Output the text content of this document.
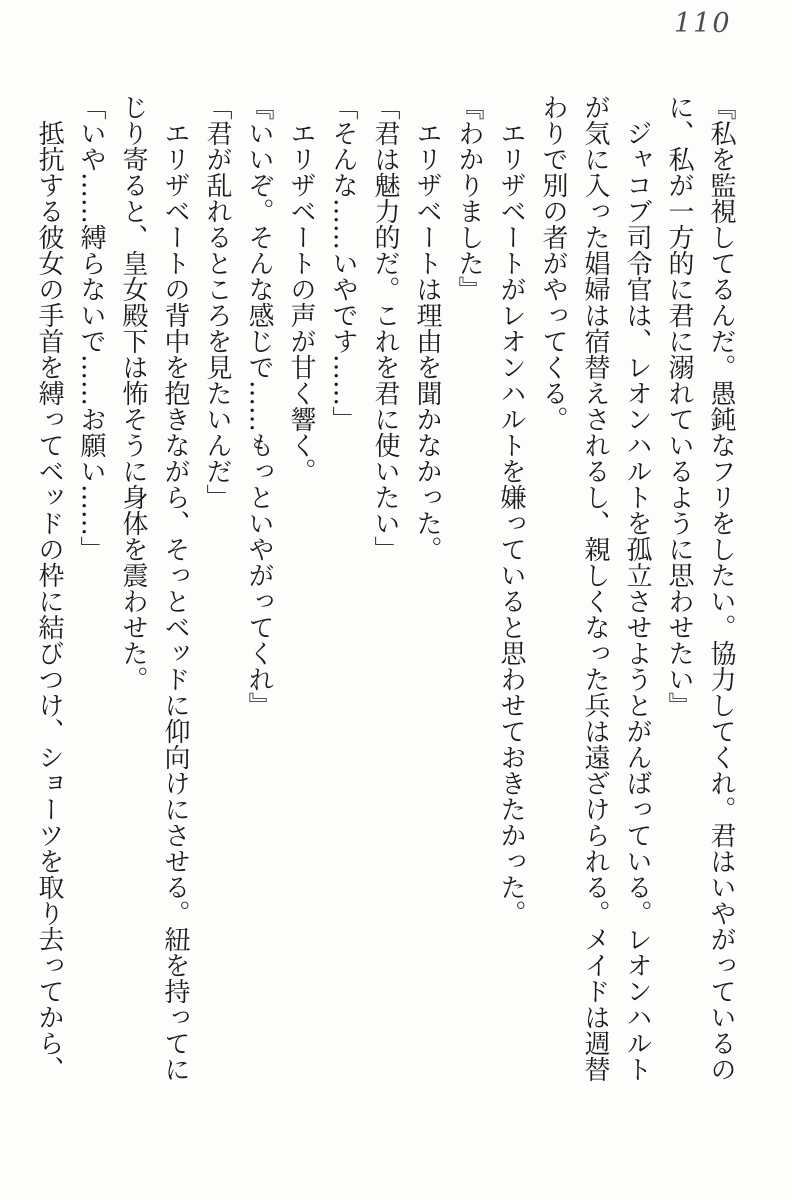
110

『私を監視してるんだ。愚鈍なフリをしたい。協力してくれ。君はいやがっているの

に、私が一方的に君に溺れているように思わせたい』

ジャコブ司令官は、レオンハルトを孤立させようとがんばっている。レオンハルト

が気に入った娼婦は宿替えされるし、親しくなった兵は遠ざけられる。メイドは週替

わりで別の者がやってくる。

エリザベートがレオンハルトを嫌っていると思わせておきたかった。

『わかりました』

エリザベートは理由を聞かなかった。

「君は魅力的だ。これを君に使いたい」

「そんな……いやです……」

エリザベートの声が甘く響く。

『いいぞ。そんな感じで……もっといやがってくれ』

「君が乱れるところを見たいんだ」

エリザベートの背中を抱きながら、そっとベッドに仰向けにさせる。紐を持ってに

じり寄ると、皇女殿下は怖そうに身体を震わせた。

「いや……縛らないで……お願い……」

抵抗する彼女の手首を縛ってベッドの枠に結びつけ、ショーツを取り去ってから、
